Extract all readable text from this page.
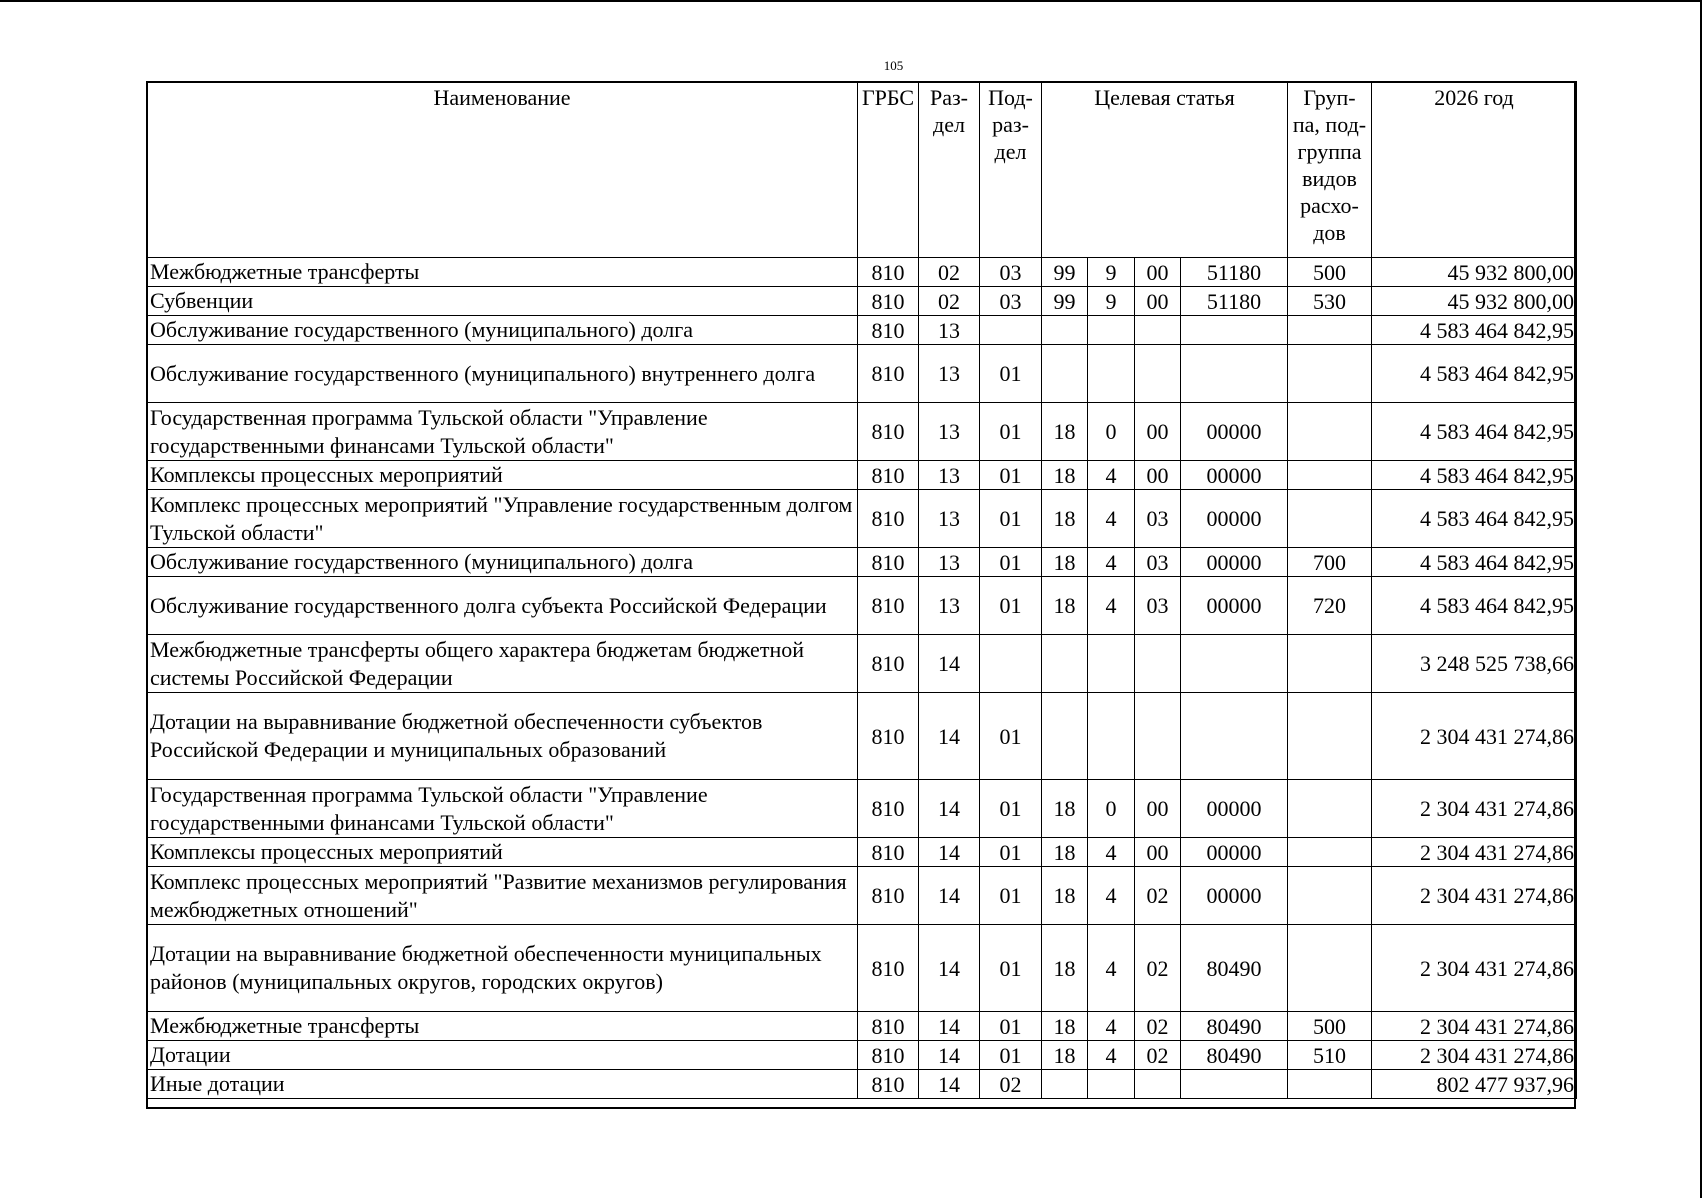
105
Наименование	ГРБС	Раз-дел	Под-раз-дел	Целевая статья				Груп-па, под-группа видов расхо-дов	2026 год
Межбюджетные трансферты	810	02	03	99	9	00	51180	500	45 932 800,00
Субвенции	810	02	03	99	9	00	51180	530	45 932 800,00
Обслуживание государственного (муниципального) долга	810	13							4 583 464 842,95
Обслуживание государственного (муниципального) внутреннего долга	810	13	01						4 583 464 842,95
Государственная программа Тульской области "Управление государственными финансами Тульской области"	810	13	01	18	0	00	00000		4 583 464 842,95
Комплексы процессных мероприятий	810	13	01	18	4	00	00000		4 583 464 842,95
Комплекс процессных мероприятий "Управление государственным долгом Тульской области"	810	13	01	18	4	03	00000		4 583 464 842,95
Обслуживание государственного (муниципального) долга	810	13	01	18	4	03	00000	700	4 583 464 842,95
Обслуживание государственного долга субъекта Российской Федерации	810	13	01	18	4	03	00000	720	4 583 464 842,95
Межбюджетные трансферты общего характера бюджетам бюджетной системы Российской Федерации	810	14							3 248 525 738,66
Дотации на выравнивание бюджетной обеспеченности субъектов Российской Федерации и муниципальных образований	810	14	01						2 304 431 274,86
Государственная программа Тульской области "Управление государственными финансами Тульской области"	810	14	01	18	0	00	00000		2 304 431 274,86
Комплексы процессных мероприятий	810	14	01	18	4	00	00000		2 304 431 274,86
Комплекс процессных мероприятий "Развитие механизмов регулирования межбюджетных отношений"	810	14	01	18	4	02	00000		2 304 431 274,86
Дотации на выравнивание бюджетной обеспеченности муниципальных районов (муниципальных округов, городских округов)	810	14	01	18	4	02	80490		2 304 431 274,86
Межбюджетные трансферты	810	14	01	18	4	02	80490	500	2 304 431 274,86
Дотации	810	14	01	18	4	02	80490	510	2 304 431 274,86
Иные дотации	810	14	02						802 477 937,96
